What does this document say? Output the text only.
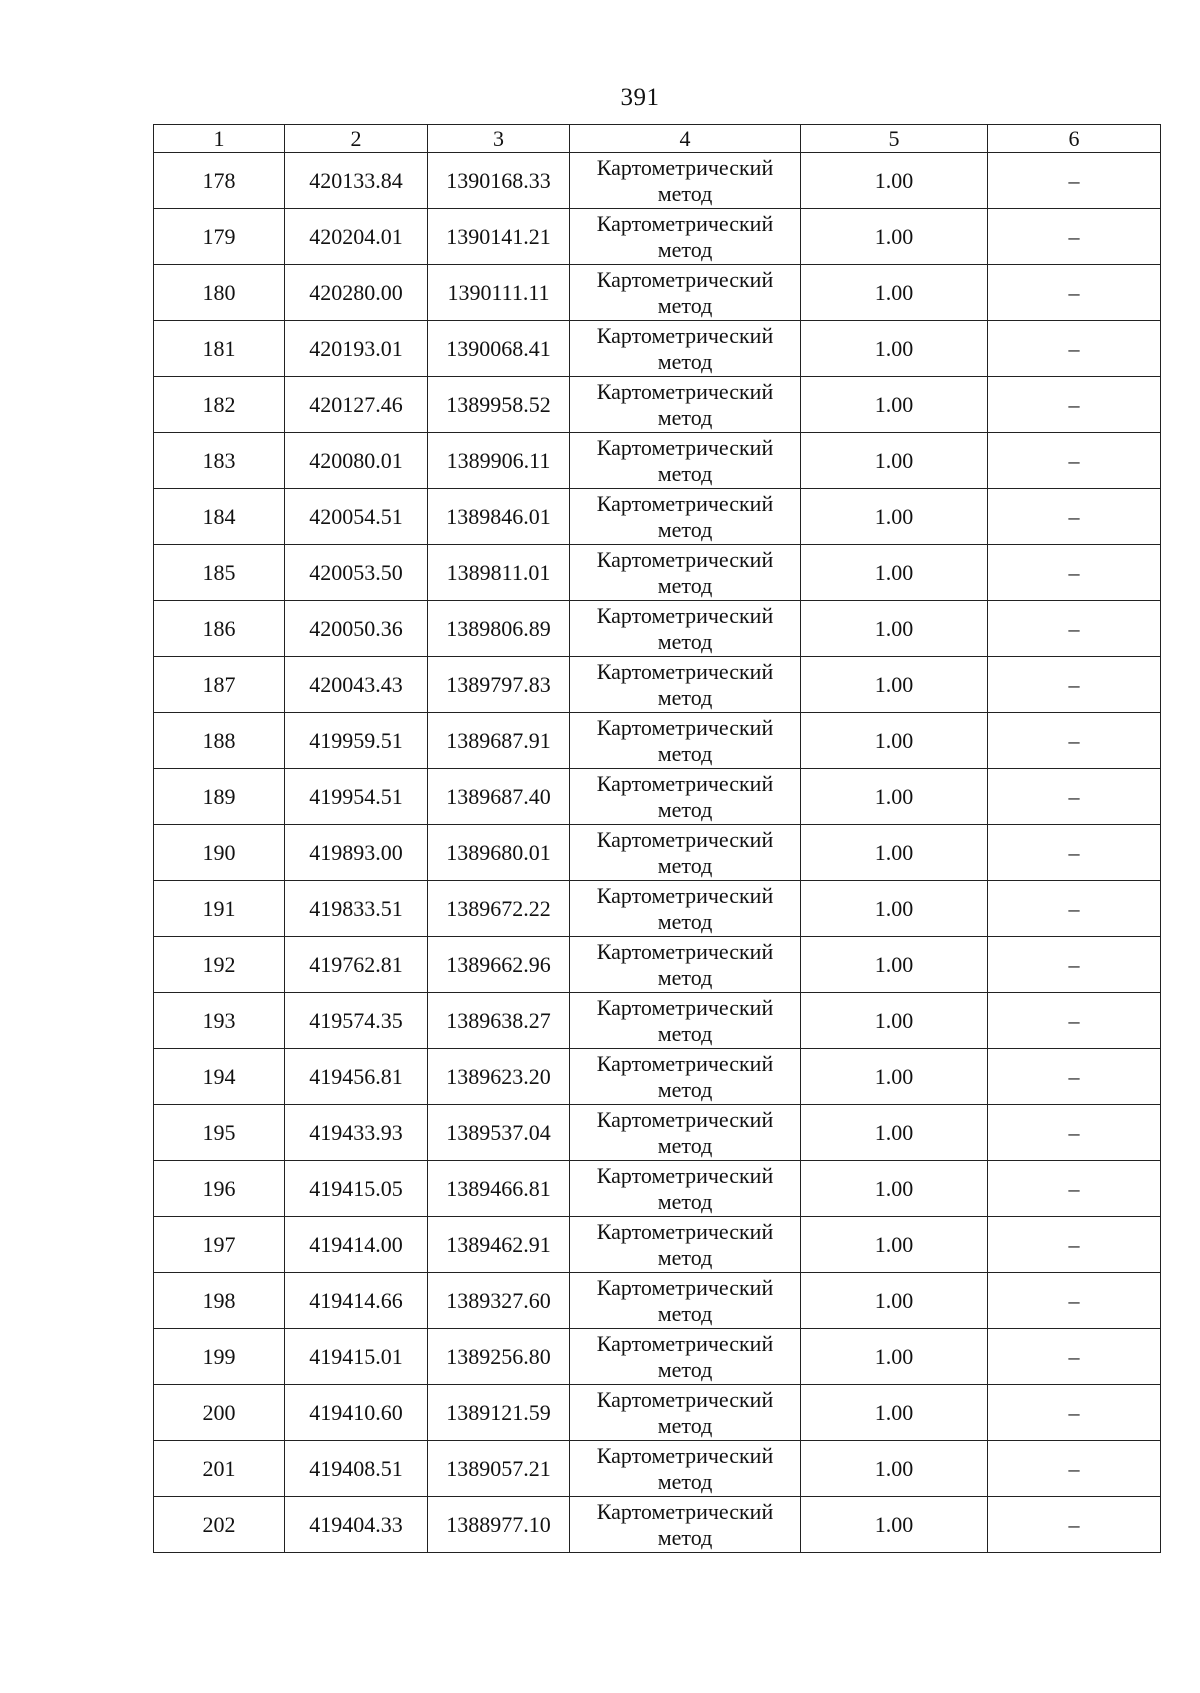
391
1	2	3	4	5	6
178	420133.84	1390168.33	Картометрический метод	1.00	–
179	420204.01	1390141.21	Картометрический метод	1.00	–
180	420280.00	1390111.11	Картометрический метод	1.00	–
181	420193.01	1390068.41	Картометрический метод	1.00	–
182	420127.46	1389958.52	Картометрический метод	1.00	–
183	420080.01	1389906.11	Картометрический метод	1.00	–
184	420054.51	1389846.01	Картометрический метод	1.00	–
185	420053.50	1389811.01	Картометрический метод	1.00	–
186	420050.36	1389806.89	Картометрический метод	1.00	–
187	420043.43	1389797.83	Картометрический метод	1.00	–
188	419959.51	1389687.91	Картометрический метод	1.00	–
189	419954.51	1389687.40	Картометрический метод	1.00	–
190	419893.00	1389680.01	Картометрический метод	1.00	–
191	419833.51	1389672.22	Картометрический метод	1.00	–
192	419762.81	1389662.96	Картометрический метод	1.00	–
193	419574.35	1389638.27	Картометрический метод	1.00	–
194	419456.81	1389623.20	Картометрический метод	1.00	–
195	419433.93	1389537.04	Картометрический метод	1.00	–
196	419415.05	1389466.81	Картометрический метод	1.00	–
197	419414.00	1389462.91	Картометрический метод	1.00	–
198	419414.66	1389327.60	Картометрический метод	1.00	–
199	419415.01	1389256.80	Картометрический метод	1.00	–
200	419410.60	1389121.59	Картометрический метод	1.00	–
201	419408.51	1389057.21	Картометрический метод	1.00	–
202	419404.33	1388977.10	Картометрический метод	1.00	–
